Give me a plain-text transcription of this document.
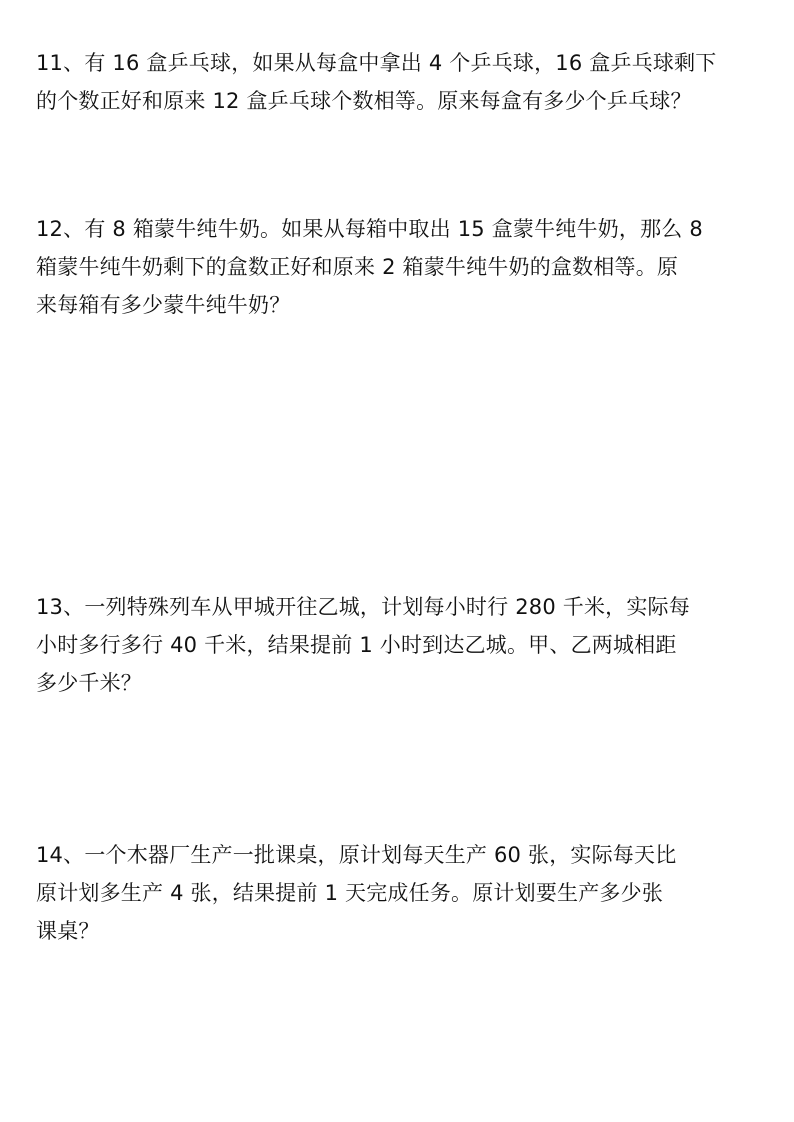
11、有 16 盒乒乓球，如果从每盒中拿出 4 个乒乓球，16 盒乒乓球剩下
的个数正好和原来 12 盒乒乓球个数相等。原来每盒有多少个乒乓球？
12、有 8 箱蒙牛纯牛奶。如果从每箱中取出 15 盒蒙牛纯牛奶，那么 8
箱蒙牛纯牛奶剩下的盒数正好和原来 2 箱蒙牛纯牛奶的盒数相等。原
来每箱有多少蒙牛纯牛奶？
13、一列特殊列车从甲城开往乙城，计划每小时行 280 千米，实际每
小时多行多行 40 千米，结果提前 1 小时到达乙城。甲、乙两城相距
多少千米？
14、一个木器厂生产一批课桌，原计划每天生产 60 张，实际每天比
原计划多生产 4 张，结果提前 1 天完成任务。原计划要生产多少张
课桌？
